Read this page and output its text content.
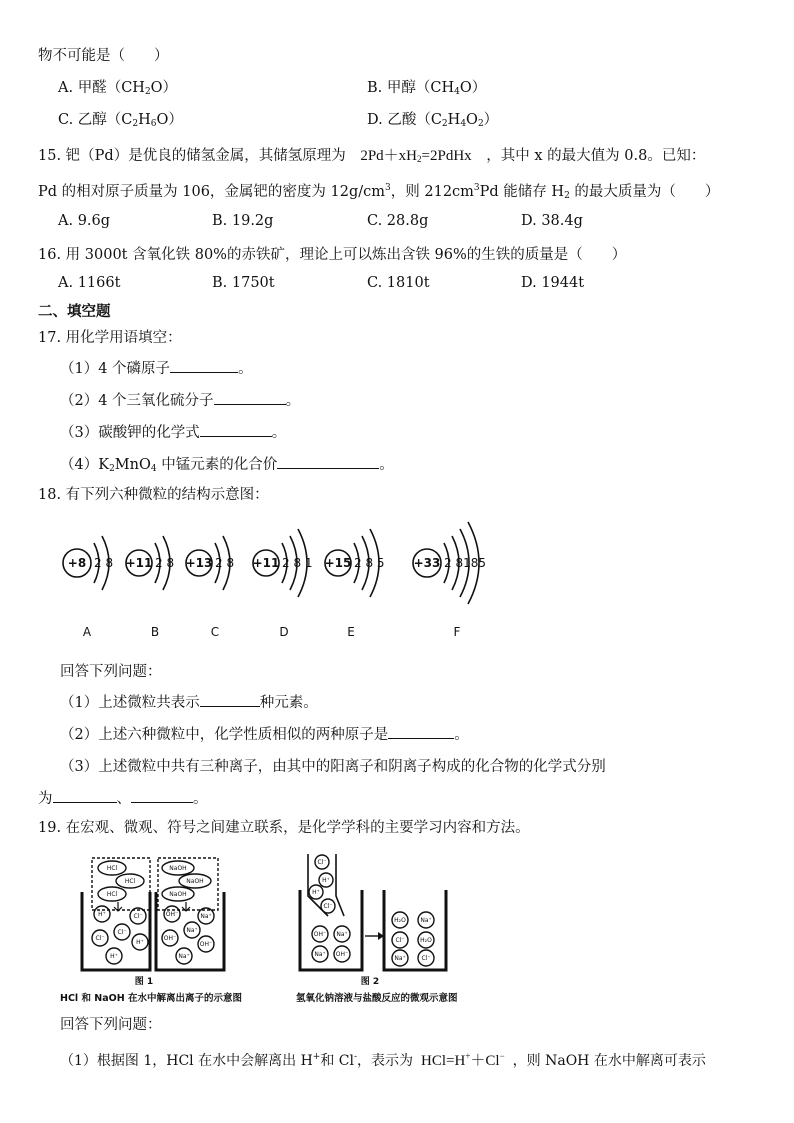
物不可能是（　　）
A. 甲醛$(CH_2O)$	B. 甲醇$(CH_4O)$
C. 乙醇$(C_2H_6O)$	D. 乙酸$(C_2H_4O_2)$
15. 钯（Pd）是优良的储氢金属，其储氢原理为 $2Pd+xH_2=2PdHx$ ，其中 x 的最大值为 0.8。已知：
Pd 的相对原子质量为 106，金属钯的密度为 $12g/cm^3$，则 $212cm^3Pd$ 能储存 $H_2$ 的最大质量为（　　）
A. 9.6g	B. 19.2g	C. 28.8g	D. 38.4g
16. 用 3000t 含氧化铁 80%的赤铁矿，理论上可以炼出含铁 96%的生铁的质量是（　　）
A. 1166t	B. 1750t	C. 1810t	D. 1944t
二、填空题
17. 用化学用语填空：
（1）4 个磷原子	。
（2）4 个三氧化硫分子	。
（3）碳酸钾的化学式	。
$(4)K_2MnO_4$ 中锰元素的化合价	。
18. 有下列六种微粒的结构示意图：
+8	+11	+13	+11	+15	+33
2 8	2 8	2 8	2 8 1	2 8 5	2 8185
A	B	C	D	E	F
回答下列问题：
（1）上述微粒共表示	种元素。
（2）上述六种微粒中，化学性质相似的两种原子是	。
（3）上述微粒中共有三种离子，由其中的阳离子和阴离子构成的化合物的化学式分别
为	、	。
19. 在宏观、微观、符号之间建立联系，是化学学科的主要学习内容和方法。
HCl
HCl
HCl
NaOH
NaOH
NaOH
H⁺	Cl⁻
Cl⁻
Cl⁻
H⁺
H⁺
OH⁻	Na⁺
Na⁺
OH⁻
OH⁻
Na⁺
Cl⁻
H⁺
H⁺
Cl⁻
OH⁻ Na⁺
Na⁺ OH⁻
H₂O Na⁺
Cl⁻	H₂O
Na⁺	Cl⁻
图 1	图 2
HCl 和 NaOH 在水中解离出离子的示意图	氢氧化钠溶液与盐酸反应的微观示意图
回答下列问题：
（1）根据图 1，HCl 在水中会解离出 H+和 Cl-，表示为 HCl=H+＋Cl− ，则 NaOH 在水中解离可表示
